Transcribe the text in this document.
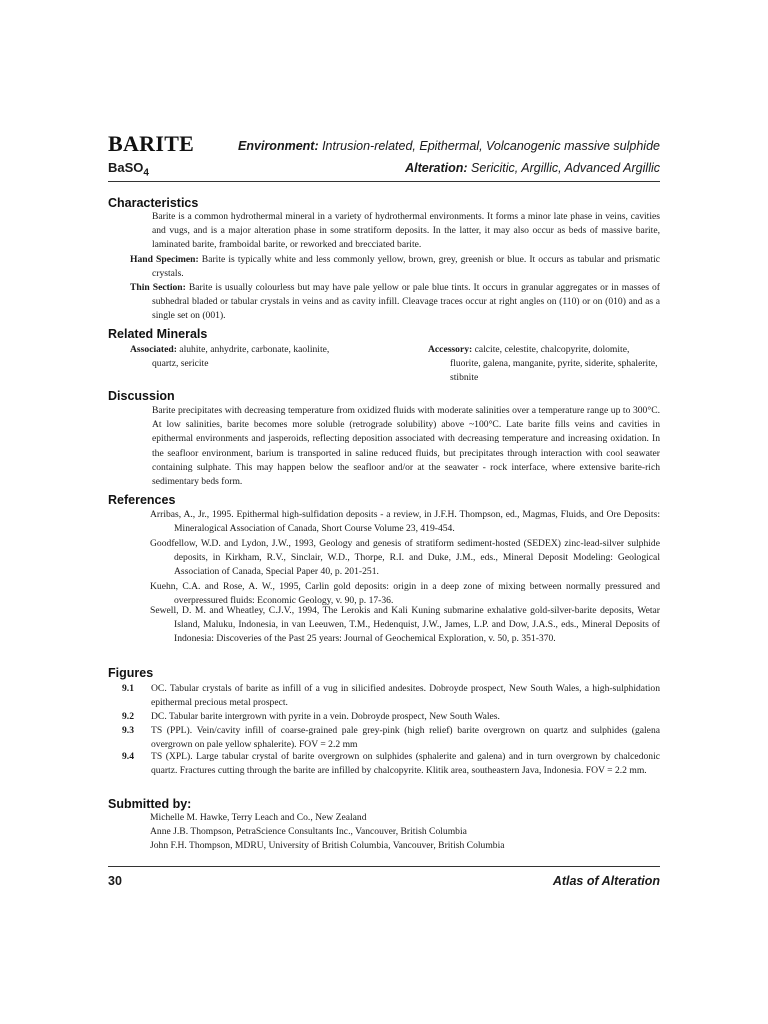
BARITE
BaSO$_4$
Environment: Intrusion-related, Epithermal, Volcanogenic massive sulphide
Alteration: Sericitic, Argillic, Advanced Argillic
Characteristics
Barite is a common hydrothermal mineral in a variety of hydrothermal environments. It forms a minor late phase in veins, cavities and vugs, and is a major alteration phase in some stratiform deposits. In the latter, it may also occur as beds of massive barite, laminated barite, framboidal barite, or reworked and brecciated barite.
Hand Specimen: Barite is typically white and less commonly yellow, brown, grey, greenish or blue. It occurs as tabular and prismatic crystals.
Thin Section: Barite is usually colourless but may have pale yellow or pale blue tints. It occurs in granular aggregates or in masses of subhedral bladed or tabular crystals in veins and as cavity infill. Cleavage traces occur at right angles on (110) or on (010) and as a single set on (001).
Related Minerals
Associated: aluhite, anhydrite, carbonate, kaolinite, quartz, sericite
Accessory: calcite, celestite, chalcopyrite, dolomite, fluorite, galena, manganite, pyrite, siderite, sphalerite, stibnite
Discussion
Barite precipitates with decreasing temperature from oxidized fluids with moderate salinities over a temperature range up to 300°C. At low salinities, barite becomes more soluble (retrograde solubility) above ~100°C. Late barite fills veins and cavities in epithermal environments and jasperoids, reflecting deposition associated with decreasing temperature and increasing oxidation. In the seafloor environment, barium is transported in saline reduced fluids, but precipitates through interaction with cool seawater containing sulphate. This may happen below the seafloor and/or at the seawater - rock interface, where extensive barite-rich sedimentary beds form.
References
Arribas, A., Jr., 1995. Epithermal high-sulfidation deposits - a review, in J.F.H. Thompson, ed., Magmas, Fluids, and Ore Deposits: Mineralogical Association of Canada, Short Course Volume 23, 419-454.
Goodfellow, W.D. and Lydon, J.W., 1993, Geology and genesis of stratiform sediment-hosted (SEDEX) zinc-lead-silver sulphide deposits, in Kirkham, R.V., Sinclair, W.D., Thorpe, R.I. and Duke, J.M., eds., Mineral Deposit Modeling: Geological Association of Canada, Special Paper 40, p. 201-251.
Kuehn, C.A. and Rose, A. W., 1995, Carlin gold deposits: origin in a deep zone of mixing between normally pressured and overpressured fluids: Economic Geology, v. 90, p. 17-36.
Sewell, D. M. and Wheatley, C.J.V., 1994, The Lerokis and Kali Kuning submarine exhalative gold-silver-barite deposits, Wetar Island, Maluku, Indonesia, in van Leeuwen, T.M., Hedenquist, J.W., James, L.P. and Dow, J.A.S., eds., Mineral Deposits of Indonesia: Discoveries of the Past 25 years: Journal of Geochemical Exploration, v. 50, p. 351-370.
Figures
9.1	OC. Tabular crystals of barite as infill of a vug in silicified andesites. Dobroyde prospect, New South Wales, a high-sulphidation epithermal precious metal prospect.
9.2	DC. Tabular barite intergrown with pyrite in a vein. Dobroyde prospect, New South Wales.
9.3	TS (PPL). Vein/cavity infill of coarse-grained pale grey-pink (high relief) barite overgrown on quartz and sulphides (galena overgrown on pale yellow sphalerite). FOV = 2.2 mm
9.4	TS (XPL). Large tabular crystal of barite overgrown on sulphides (sphalerite and galena) and in turn overgrown by chalcedonic quartz. Fractures cutting through the barite are infilled by chalcopyrite. Klitik area, southeastern Java, Indonesia. FOV = 2.2 mm.
Submitted by:
Michelle M. Hawke, Terry Leach and Co., New Zealand
Anne J.B. Thompson, PetraScience Consultants Inc., Vancouver, British Columbia
John F.H. Thompson, MDRU, University of British Columbia, Vancouver, British Columbia
30	Atlas of Alteration
